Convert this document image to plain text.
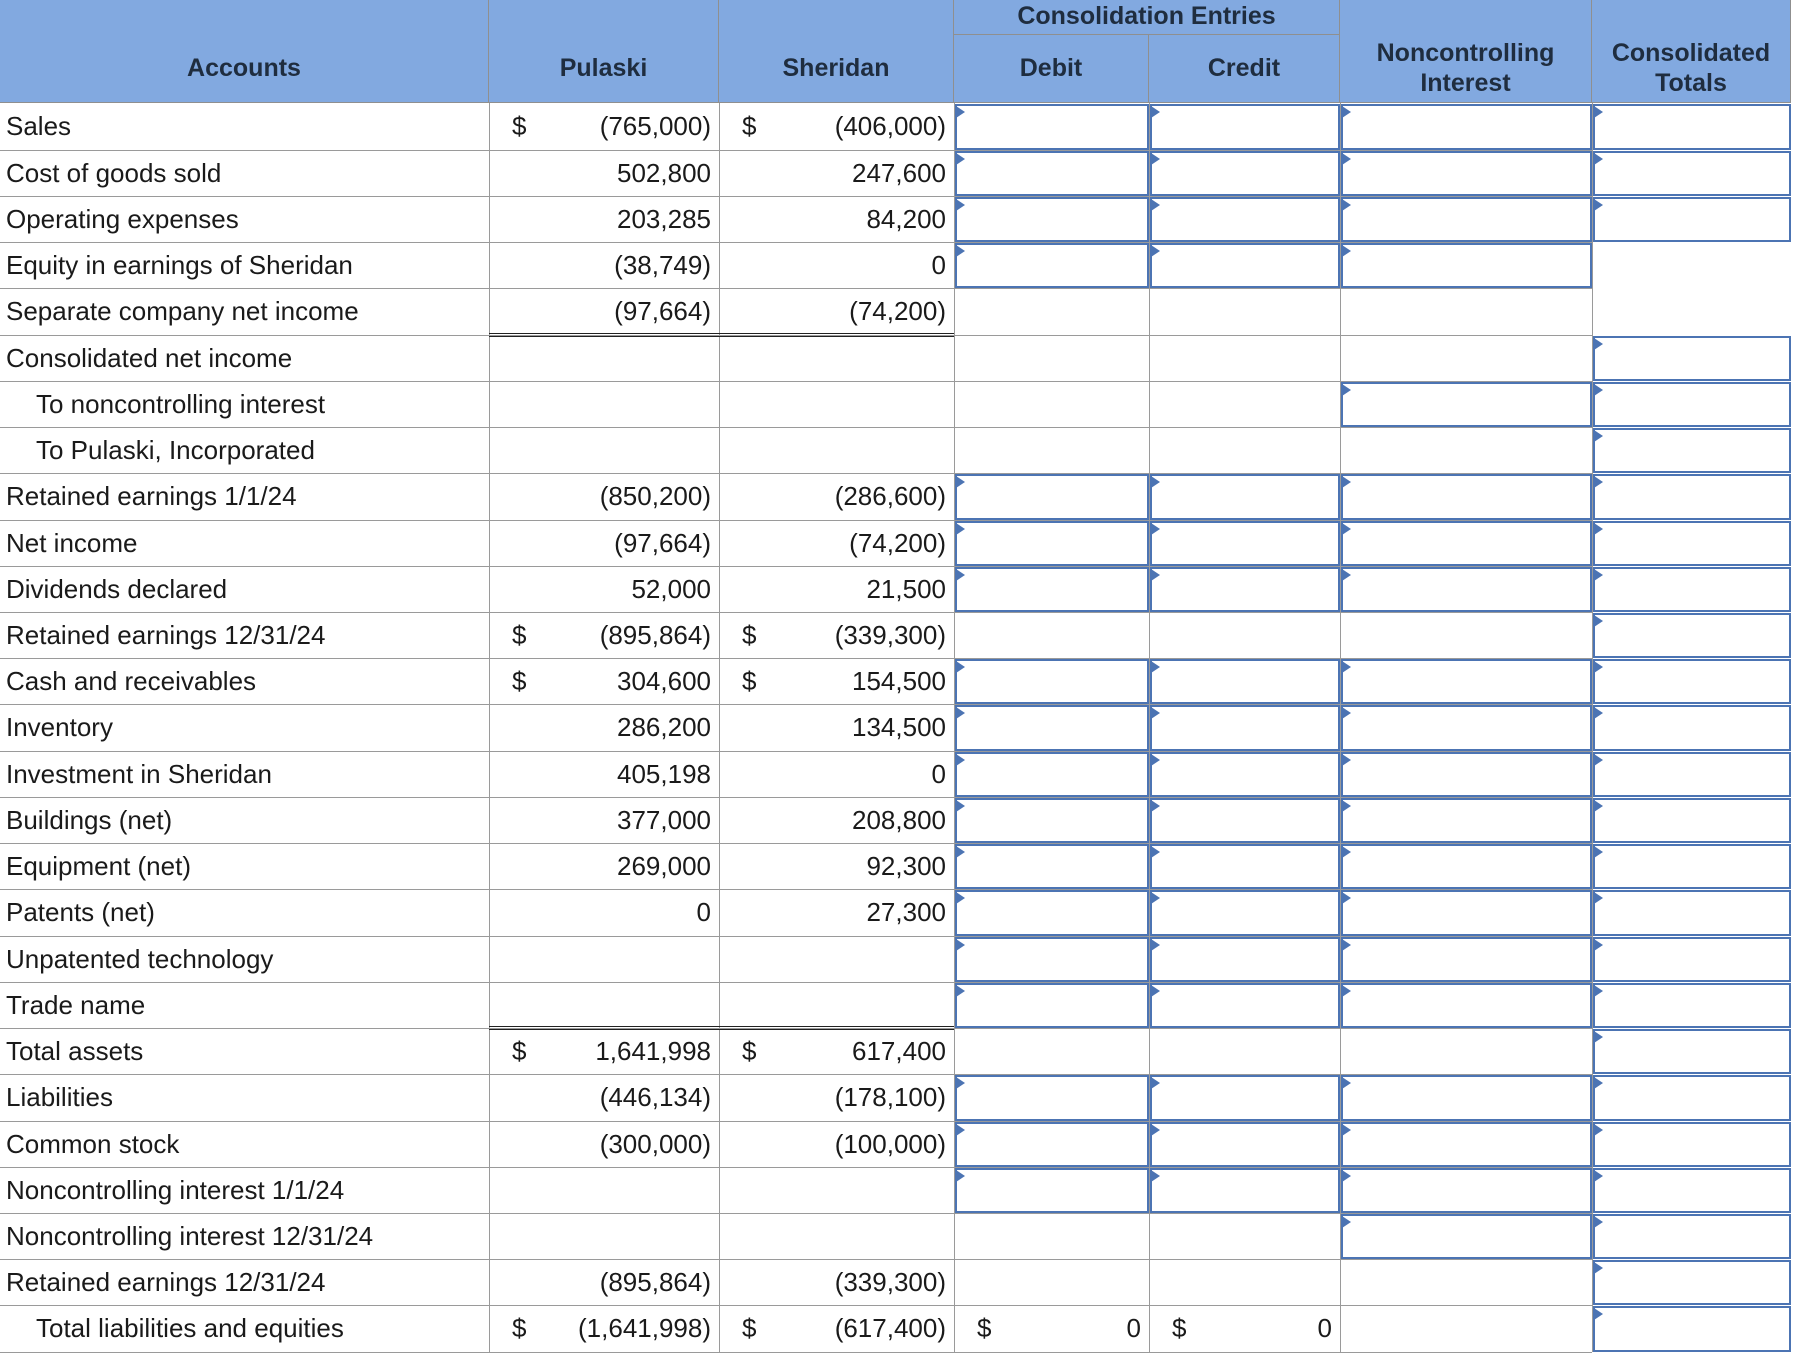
Accounts	Pulaski	Sheridan
Consolidation Entries
Debit	Credit
Noncontrolling
Interest
Consolidated
Totals
Sales	$	(765,000)	$	(406,000)
Cost of goods sold	502,800	247,600
Operating expenses	203,285	84,200
Equity in earnings of Sheridan	(38,749)	0
Separate company net income	(97,664)	(74,200)
Consolidated net income
To noncontrolling interest
To Pulaski, Incorporated
Retained earnings 1/1/24	(850,200)	(286,600)
Net income	(97,664)	(74,200)
Dividends declared	52,000	21,500
Retained earnings 12/31/24	$	(895,864)	$	(339,300)
Cash and receivables	$	304,600	$	154,500
Inventory	286,200	134,500
Investment in Sheridan	405,198	0
Buildings (net)	377,000	208,800
Equipment (net)	269,000	92,300
Patents (net)	0	27,300
Unpatented technology
Trade name
Total assets	$	1,641,998	$	617,400
Liabilities	(446,134)	(178,100)
Common stock	(300,000)	(100,000)
Noncontrolling interest 1/1/24
Noncontrolling interest 12/31/24
Retained earnings 12/31/24	(895,864)	(339,300)
Total liabilities and equities	$	(1,641,998)	$	(617,400)	$	0	$	0
